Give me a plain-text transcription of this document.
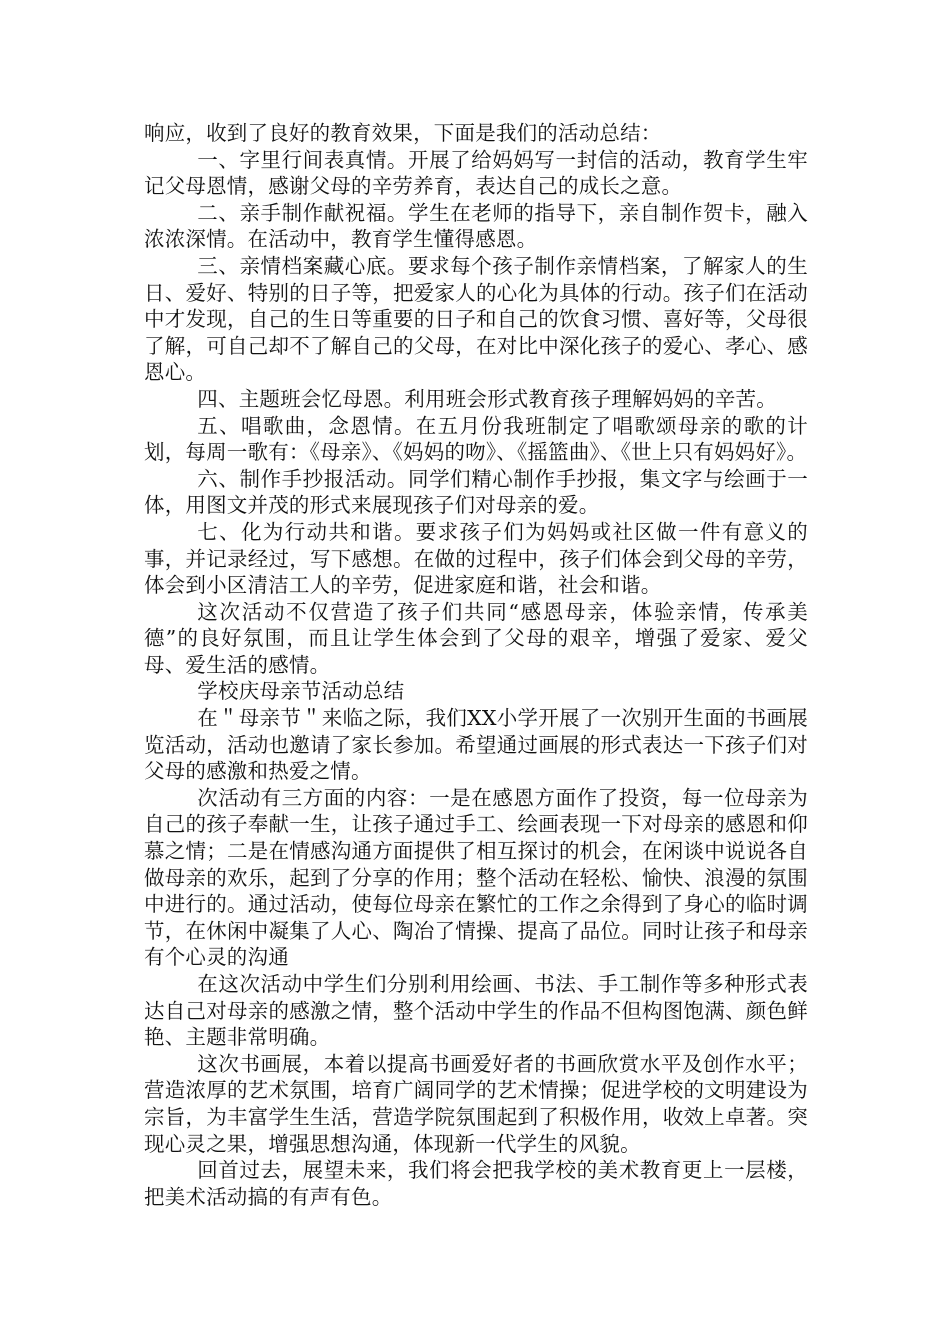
响应，收到了良好的教育效果，下面是我们的活动总结：

一、字里行间表真情。开展了给妈妈写一封信的活动，教育学生牢记父母恩情，感谢父母的辛劳养育，表达自己的成长之意。

二、亲手制作献祝福。学生在老师的指导下，亲自制作贺卡，融入浓浓深情。在活动中，教育学生懂得感恩。

三、亲情档案藏心底。要求每个孩子制作亲情档案，了解家人的生日、爱好、特别的日子等，把爱家人的心化为具体的行动。孩子们在活动中才发现，自己的生日等重要的日子和自己的饮食习惯、喜好等，父母很了解，可自己却不了解自己的父母，在对比中深化孩子的爱心、孝心、感恩心。

四、主题班会忆母恩。利用班会形式教育孩子理解妈妈的辛苦。

五、唱歌曲，念恩情。在五月份我班制定了唱歌颂母亲的歌的计划，每周一歌有：《母亲》、《妈妈的吻》、《摇篮曲》、《世上只有妈妈好》。

六、制作手抄报活动。同学们精心制作手抄报，集文字与绘画于一体，用图文并茂的形式来展现孩子们对母亲的爱。

七、化为行动共和谐。要求孩子们为妈妈或社区做一件有意义的事，并记录经过，写下感想。在做的过程中，孩子们体会到父母的辛劳，体会到小区清洁工人的辛劳，促进家庭和谐，社会和谐。

这次活动不仅营造了孩子们共同“感恩母亲，体验亲情，传承美德”的良好氛围，而且让学生体会到了父母的艰辛，增强了爱家、爱父母、爱生活的感情。

学校庆母亲节活动总结

在＂母亲节＂来临之际，我们XX小学开展了一次别开生面的书画展览活动，活动也邀请了家长参加。希望通过画展的形式表达一下孩子们对父母的感激和热爱之情。

次活动有三方面的内容：一是在感恩方面作了投资，每一位母亲为自己的孩子奉献一生，让孩子通过手工、绘画表现一下对母亲的感恩和仰慕之情；二是在情感沟通方面提供了相互探讨的机会，在闲谈中说说各自做母亲的欢乐，起到了分享的作用；整个活动在轻松、愉快、浪漫的氛围中进行的。通过活动，使每位母亲在繁忙的工作之余得到了身心的临时调节，在休闲中凝集了人心、陶冶了情操、提高了品位。同时让孩子和母亲有个心灵的沟通

在这次活动中学生们分别利用绘画、书法、手工制作等多种形式表达自己对母亲的感激之情，整个活动中学生的作品不但构图饱满、颜色鲜艳、主题非常明确。

这次书画展，本着以提高书画爱好者的书画欣赏水平及创作水平；营造浓厚的艺术氛围，培育广阔同学的艺术情操；促进学校的文明建设为宗旨，为丰富学生生活，营造学院氛围起到了积极作用，收效上卓著。突现心灵之果，增强思想沟通，体现新一代学生的风貌。

回首过去，展望未来，我们将会把我学校的美术教育更上一层楼，把美术活动搞的有声有色。
